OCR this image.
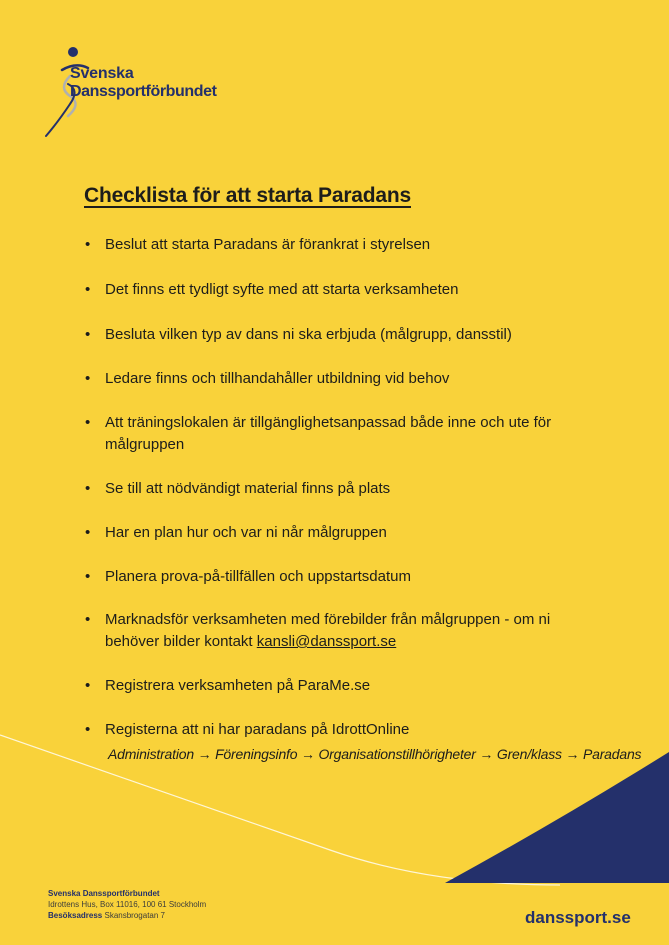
Svenska
Danssportförbundet
Checklista för att starta Paradans
• Beslut att starta Paradans är förankrat i styrelsen
• Det finns ett tydligt syfte med att starta verksamheten
• Besluta vilken typ av dans ni ska erbjuda (målgrupp, dansstil)
• Ledare finns och tillhandahåller utbildning vid behov
• Att träningslokalen är tillgänglighetsanpassad både inne och ute för målgruppen
• Se till att nödvändigt material finns på plats
• Har en plan hur och var ni når målgruppen
• Planera prova-på-tillfällen och uppstartsdatum
• Marknadsför verksamheten med förebilder från målgruppen - om ni behöver bilder kontakt kansli@danssport.se
• Registrera verksamheten på ParaMe.se
• Registerna att ni har paradans på IdrottOnline
Administration → Föreningsinfo → Organisationstillhörigheter → Gren/klass → Paradans
Svenska Danssportförbundet
Idrottens Hus, Box 11016, 100 61 Stockholm
Besöksadress Skansbrogatan 7	danssport.se
